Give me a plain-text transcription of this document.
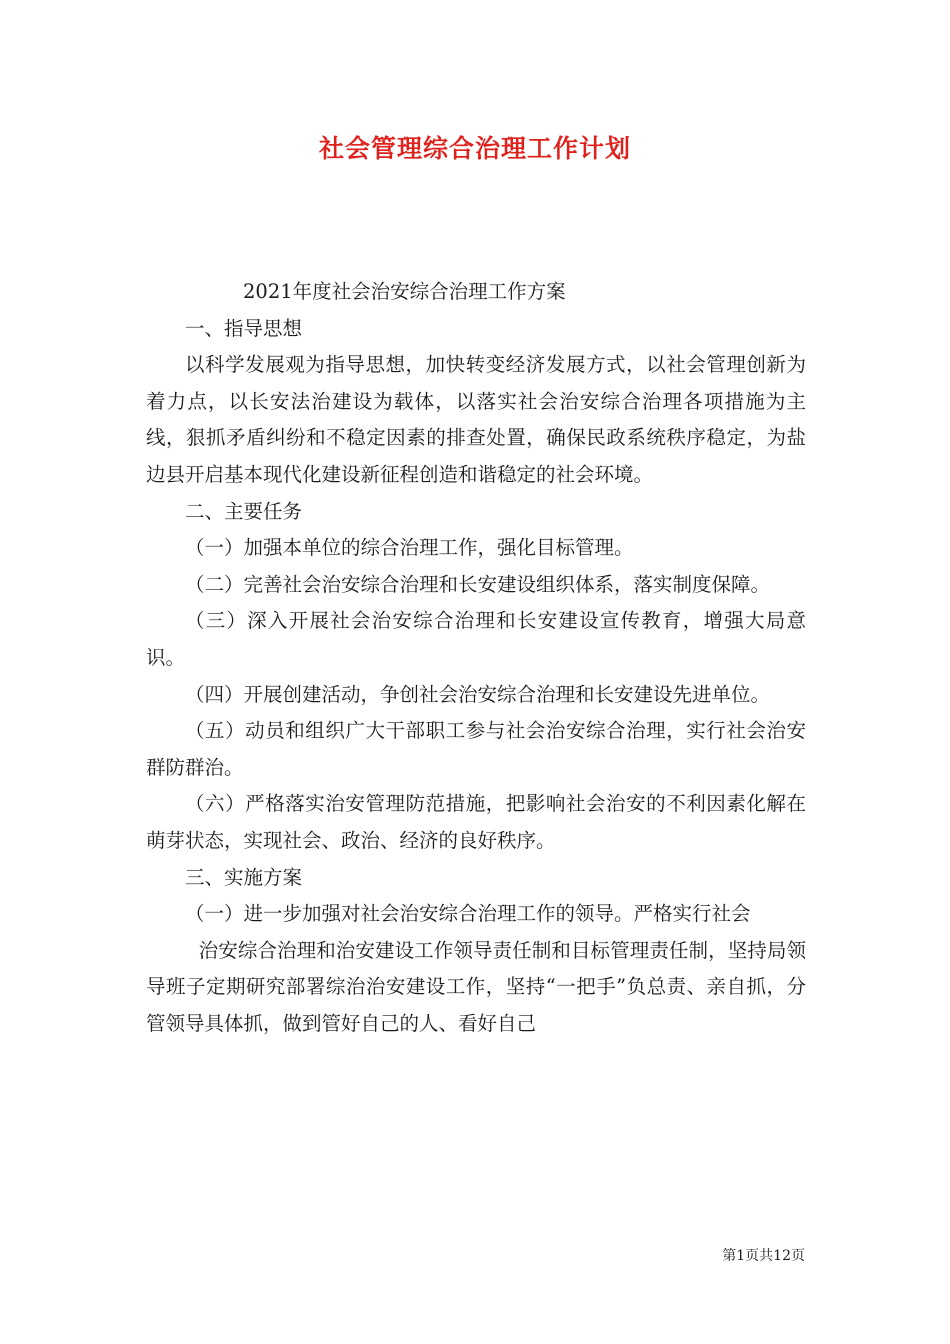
社会管理综合治理工作计划

2021年度社会治安综合治理工作方案

一、指导思想

以科学发展观为指导思想，加快转变经济发展方式，以社会管理创新为着力点，以长安法治建设为载体，以落实社会治安综合治理各项措施为主线，狠抓矛盾纠纷和不稳定因素的排查处置，确保民政系统秩序稳定，为盐边县开启基本现代化建设新征程创造和谐稳定的社会环境。

二、主要任务

（一）加强本单位的综合治理工作，强化目标管理。

（二）完善社会治安综合治理和长安建设组织体系，落实制度保障。

（三）深入开展社会治安综合治理和长安建设宣传教育，增强大局意识。

（四）开展创建活动，争创社会治安综合治理和长安建设先进单位。

（五）动员和组织广大干部职工参与社会治安综合治理，实行社会治安群防群治。

（六）严格落实治安管理防范措施，把影响社会治安的不利因素化解在萌芽状态，实现社会、政治、经济的良好秩序。

三、实施方案

（一）进一步加强对社会治安综合治理工作的领导。严格实行社会

治安综合治理和治安建设工作领导责任制和目标管理责任制，坚持局领导班子定期研究部署综治治安建设工作，坚持“一把手”负总责、亲自抓，分管领导具体抓，做到管好自己的人、看好自己

第1页共12页
